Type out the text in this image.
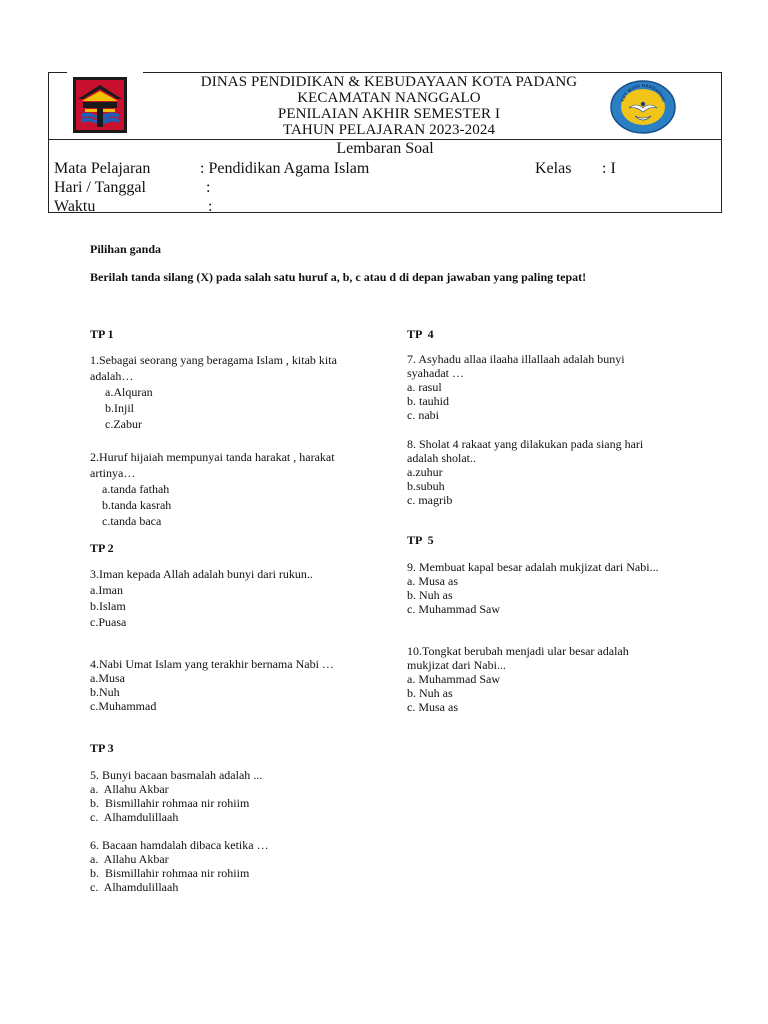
DINAS PENDIDIKAN & KEBUDAYAAN KOTA PADANG
KECAMATAN NANGGALO
PENILAIAN AKHIR SEMESTER I
TAHUN PELAJARAN 2023-2024
TUT WURI HANDAYANI
Lembaran Soal
Mata Pelajaran	: Pendidikan Agama Islam	Kelas : I
Hari / Tanggal	:
Waktu	:
Pilihan ganda
Berilah tanda silang (X) pada salah satu huruf a, b, c atau d di depan jawaban yang paling tepat!
TP 1
1.Sebagai seorang yang beragama Islam , kitab kita adalah…
a.Alquran
b.Injil
c.Zabur
2.Huruf hijaiah mempunyai tanda harakat , harakat artinya…
a.tanda fathah
b.tanda kasrah
c.tanda baca
TP 2
3.Iman kepada Allah adalah bunyi dari rukun..
a.Iman
b.Islam
c.Puasa
4.Nabi Umat Islam yang terakhir bernama Nabi …
a.Musa
b.Nuh
c.Muhammad
TP 3
5. Bunyi bacaan basmalah adalah ...
a.  Allahu Akbar
b.  Bismillahir rohmaa nir rohiim
c.  Alhamdulillaah
6. Bacaan hamdalah dibaca ketika …
a.  Allahu Akbar
b.  Bismillahir rohmaa nir rohiim
c.  Alhamdulillaah
TP  4
7. Asyhadu allaa ilaaha illallaah adalah bunyi syahadat …
a. rasul
b. tauhid
c. nabi
8. Sholat 4 rakaat yang dilakukan pada siang hari adalah sholat..
a.zuhur
b.subuh
c. magrib
TP  5
9. Membuat kapal besar adalah mukjizat dari Nabi...
a. Musa as
b. Nuh as
c. Muhammad Saw
10.Tongkat berubah menjadi ular besar adalah mukjizat dari Nabi...
a. Muhammad Saw
b. Nuh as
c. Musa as
